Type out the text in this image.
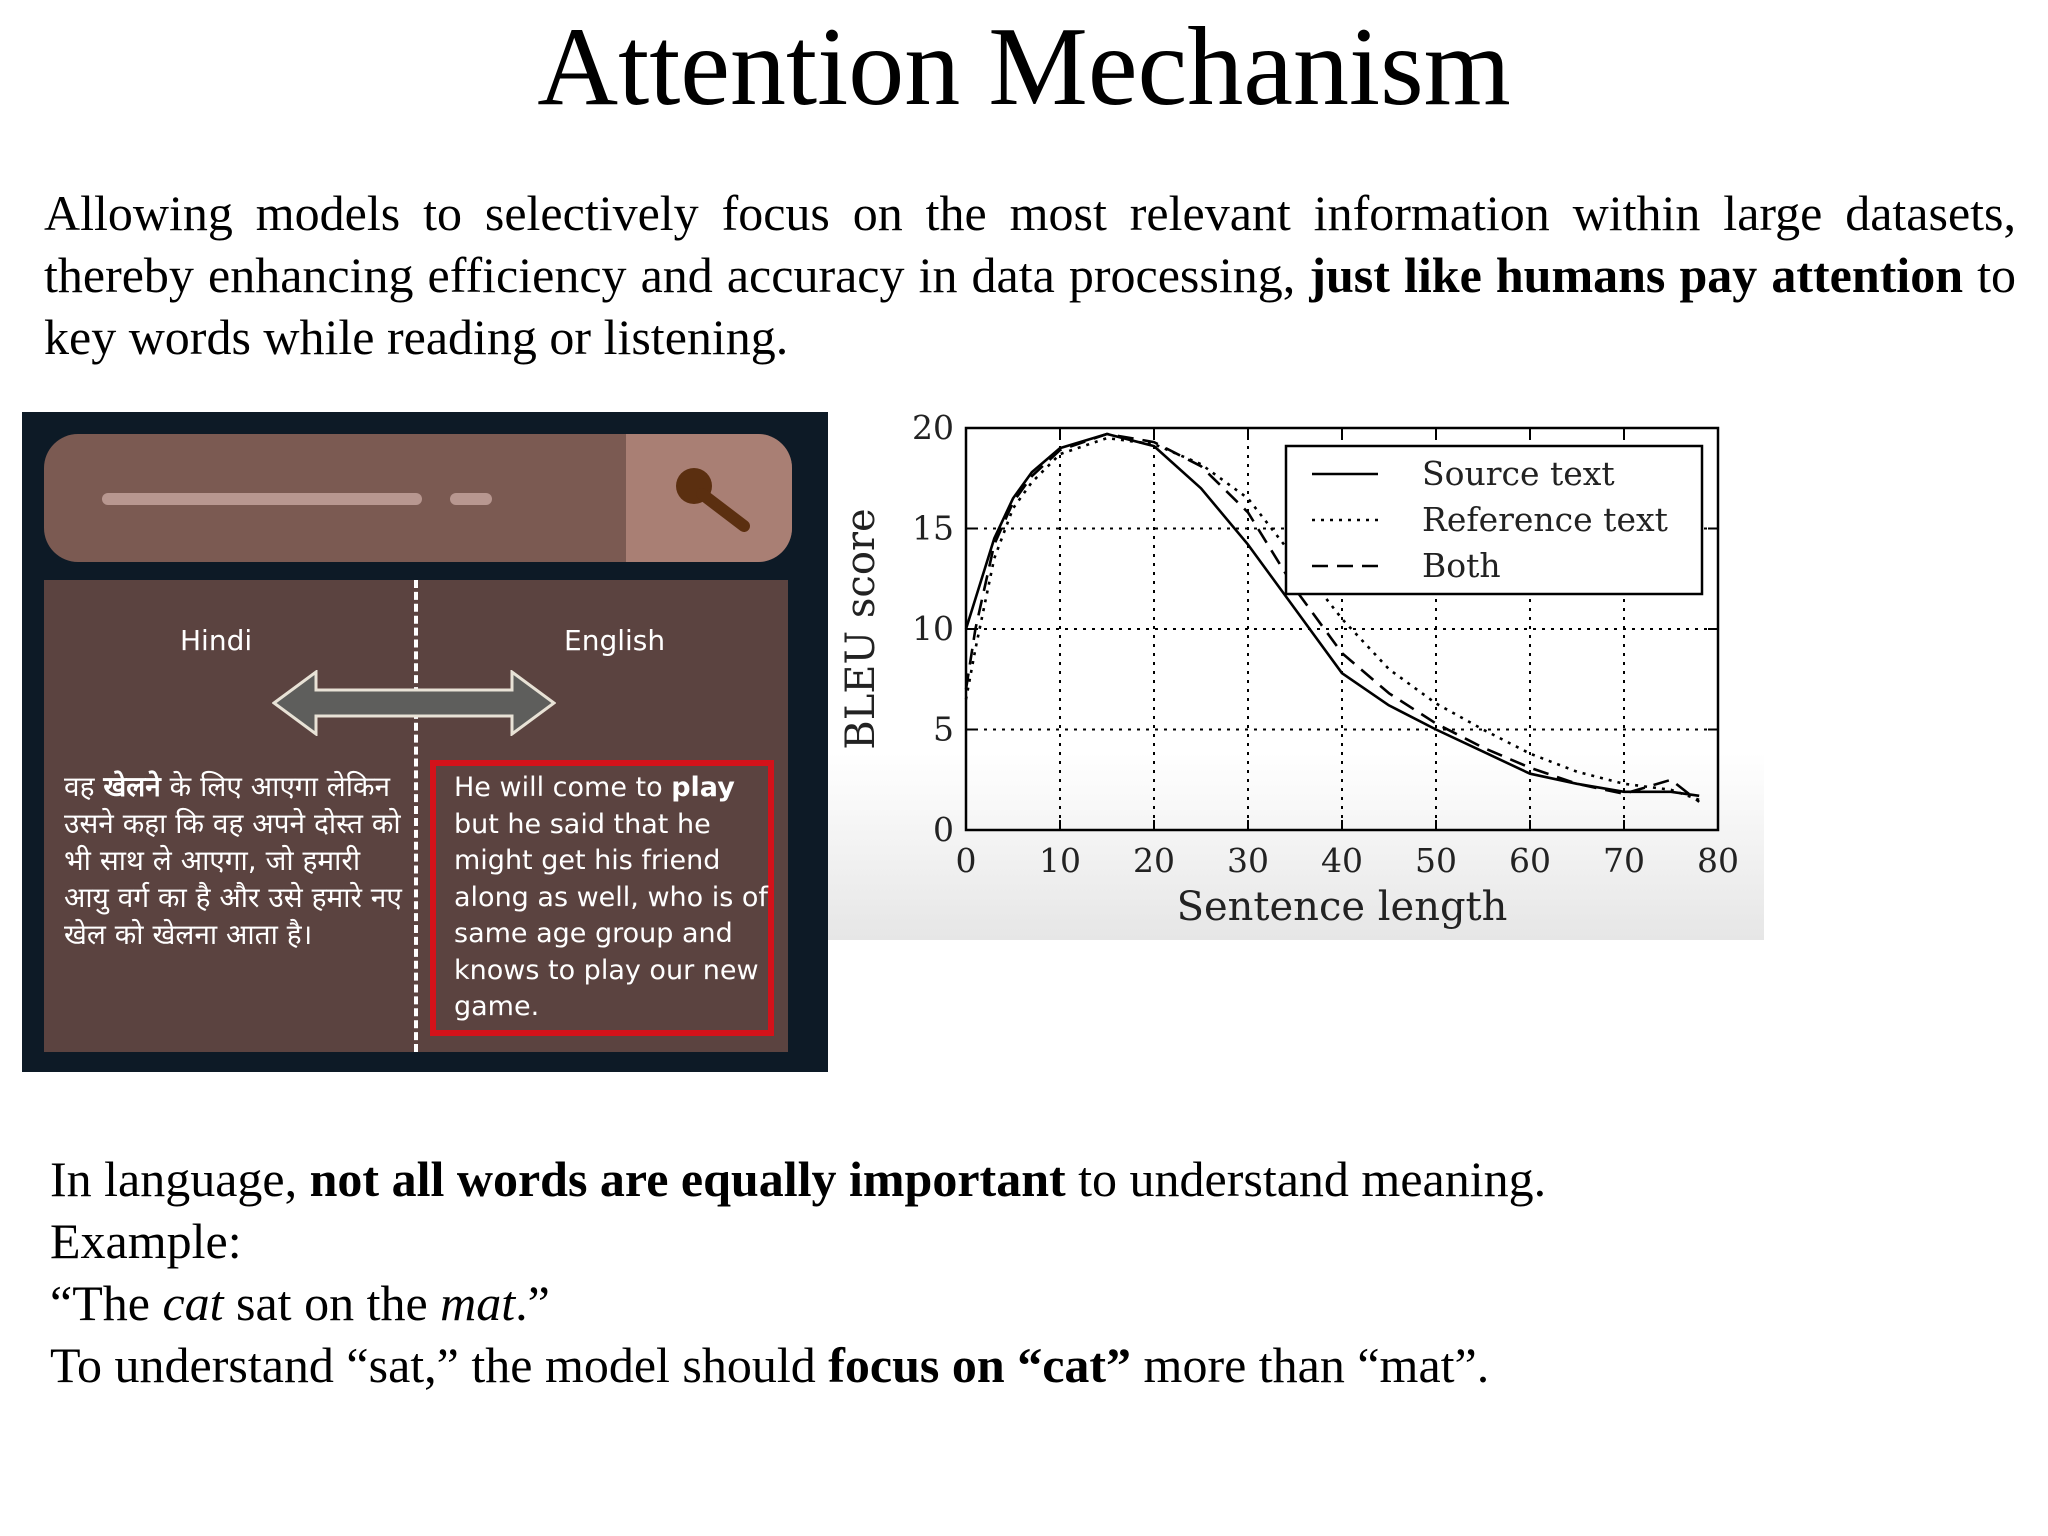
Attention Mechanism
Allowing models to selectively focus on the most relevant information within large datasets, thereby enhancing efficiency and accuracy in data processing, just like humans pay attention to key words while reading or listening.
Hindi	English
वह खेलने के लिए आएगा लेकिन उसने कहा कि वह अपने दोस्त को भी साथ ले आएगा, जो हमारी आयु वर्ग का है और उसे हमारे नए खेल को खेलना आता है।
He will come to play but he said that he might get his friend along as well, who is of same age group and knows to play our new game.
0 10 20 30 40 50 60 70 80
0
5
10
15
20
Sentence length
BLEU score
Source text
Reference text
Both
In language, not all words are equally important to understand meaning.
Example:
“The cat sat on the mat.”
To understand “sat,” the model should focus on “cat” more than “mat”.
